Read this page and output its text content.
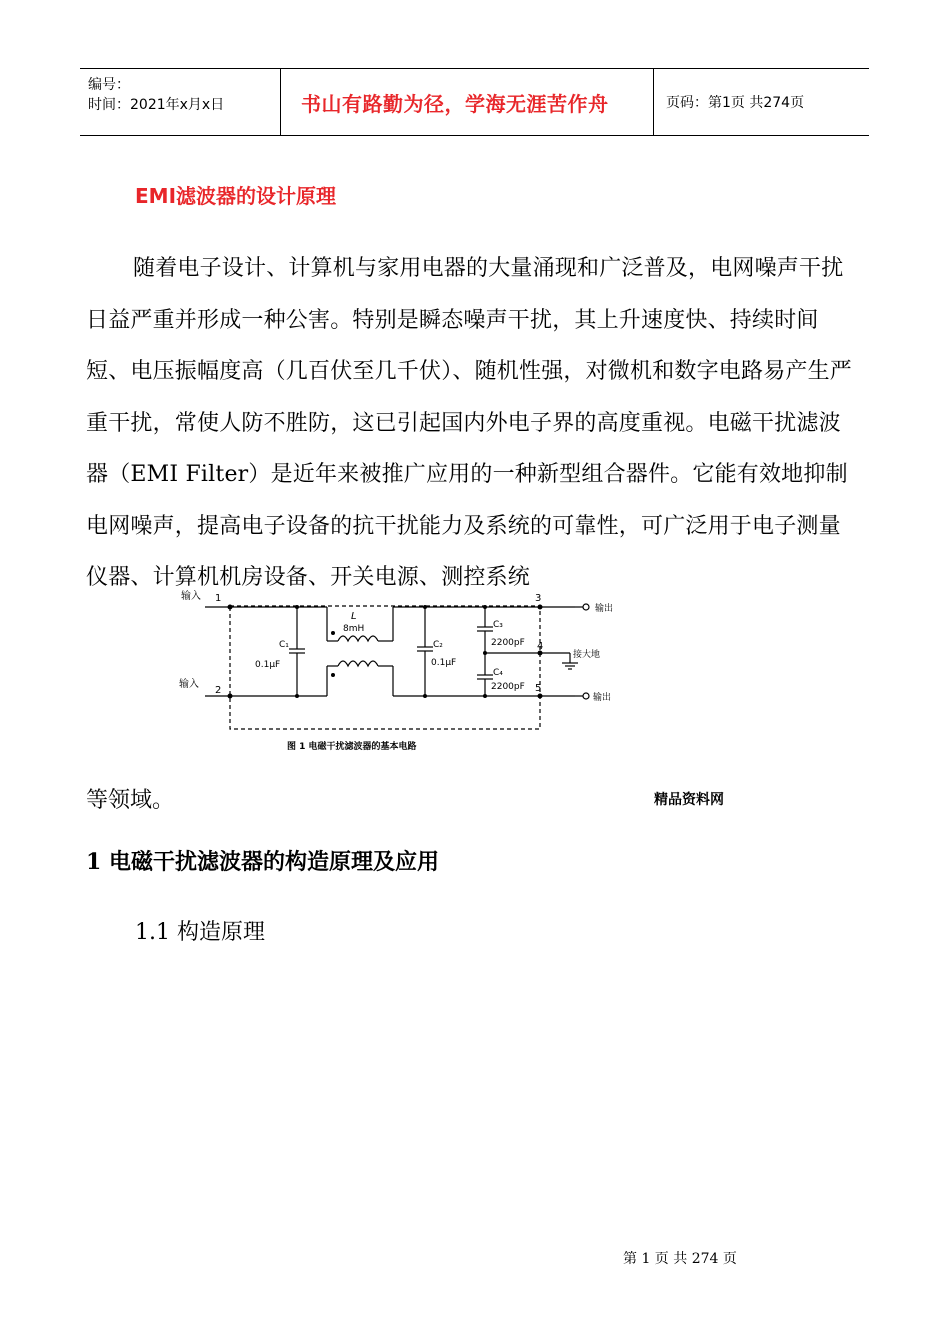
编号：
时间：2021年x月x日	书山有路勤为径，学海无涯苦作舟	页码：第1页 共274页
EMI滤波器的设计原理
随着电子设计、计算机与家用电器的大量涌现和广泛普及，电网噪声干扰日益严重并形成一种公害。特别是瞬态噪声干扰，其上升速度快、持续时间短、电压振幅度高（几百伏至几千伏）、随机性强，对微机和数字电路易产生严重干扰，常使人防不胜防，这已引起国内外电子界的高度重视。电磁干扰滤波器（EMI Filter）是近年来被推广应用的一种新型组合器件。它能有效地抑制电网噪声，提高电子设备的抗干扰能力及系统的可靠性，可广泛用于电子测量仪器、计算机机房设备、开关电源、测控系统
输入
输入
1
2
3
4
5
输出
输出
接大地
L
8mH
C₁
0.1μF
C₂
0.1μF
C₃
2200pF
C₄
2200pF
图 1 电磁干扰滤波器的基本电路
等领域。	精品资料网
1 电磁干扰滤波器的构造原理及应用
1.1 构造原理
第 1 页 共 274 页
